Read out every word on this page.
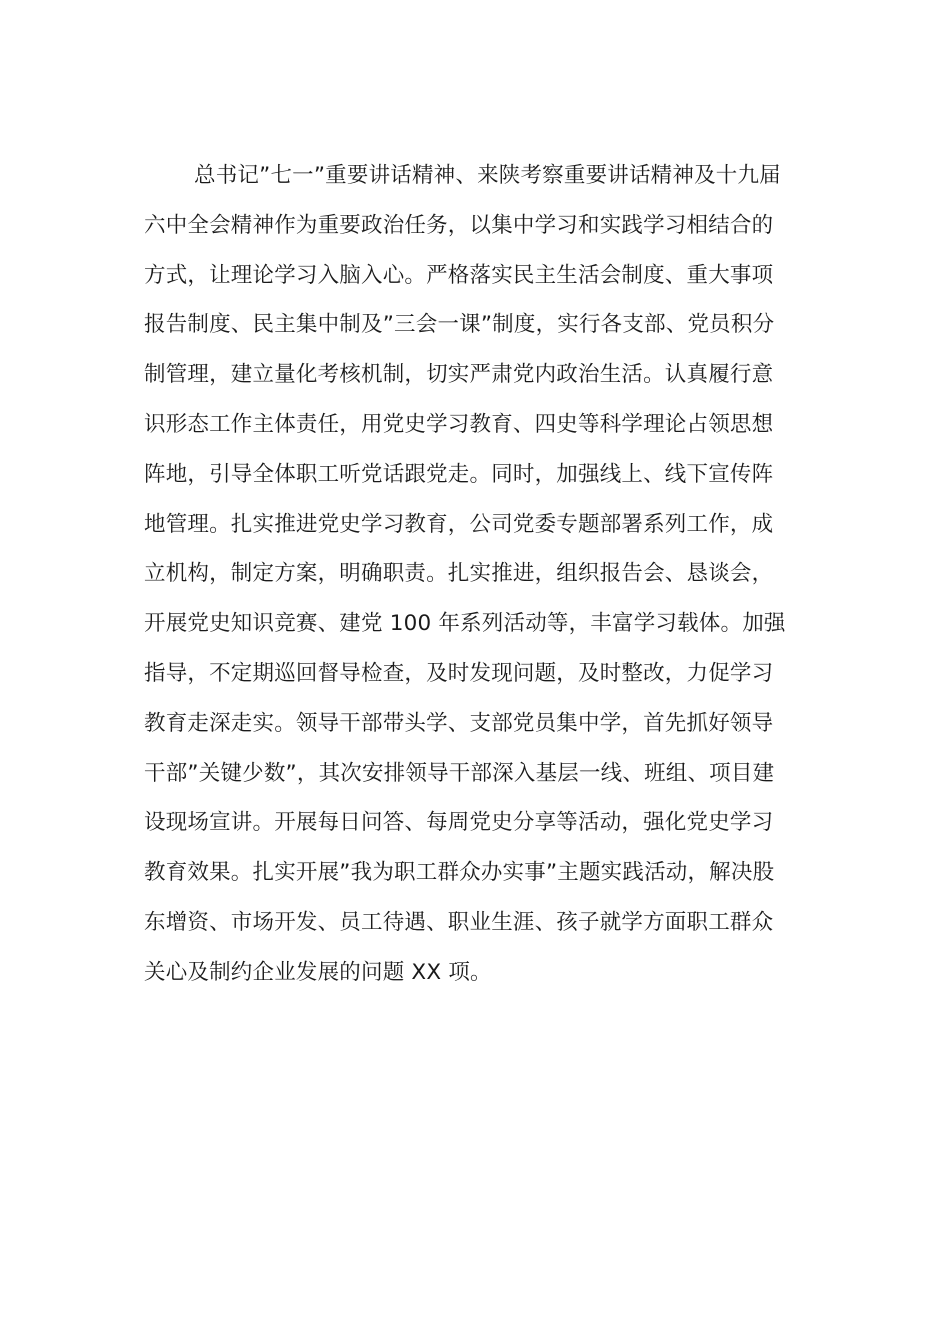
总书记”七一”重要讲话精神、来陕考察重要讲话精神及十九届
六中全会精神作为重要政治任务，以集中学习和实践学习相结合的
方式，让理论学习入脑入心。严格落实民主生活会制度、重大事项
报告制度、民主集中制及”三会一课”制度，实行各支部、党员积分
制管理，建立量化考核机制，切实严肃党内政治生活。认真履行意
识形态工作主体责任，用党史学习教育、四史等科学理论占领思想
阵地，引导全体职工听党话跟党走。同时，加强线上、线下宣传阵
地管理。扎实推进党史学习教育，公司党委专题部署系列工作，成
立机构，制定方案，明确职责。扎实推进，组织报告会、恳谈会，
开展党史知识竞赛、建党 100 年系列活动等，丰富学习载体。加强
指导，不定期巡回督导检查，及时发现问题，及时整改，力促学习
教育走深走实。领导干部带头学、支部党员集中学，首先抓好领导
干部”关键少数”，其次安排领导干部深入基层一线、班组、项目建
设现场宣讲。开展每日问答、每周党史分享等活动，强化党史学习
教育效果。扎实开展”我为职工群众办实事”主题实践活动，解决股
东增资、市场开发、员工待遇、职业生涯、孩子就学方面职工群众
关心及制约企业发展的问题 XX 项。
